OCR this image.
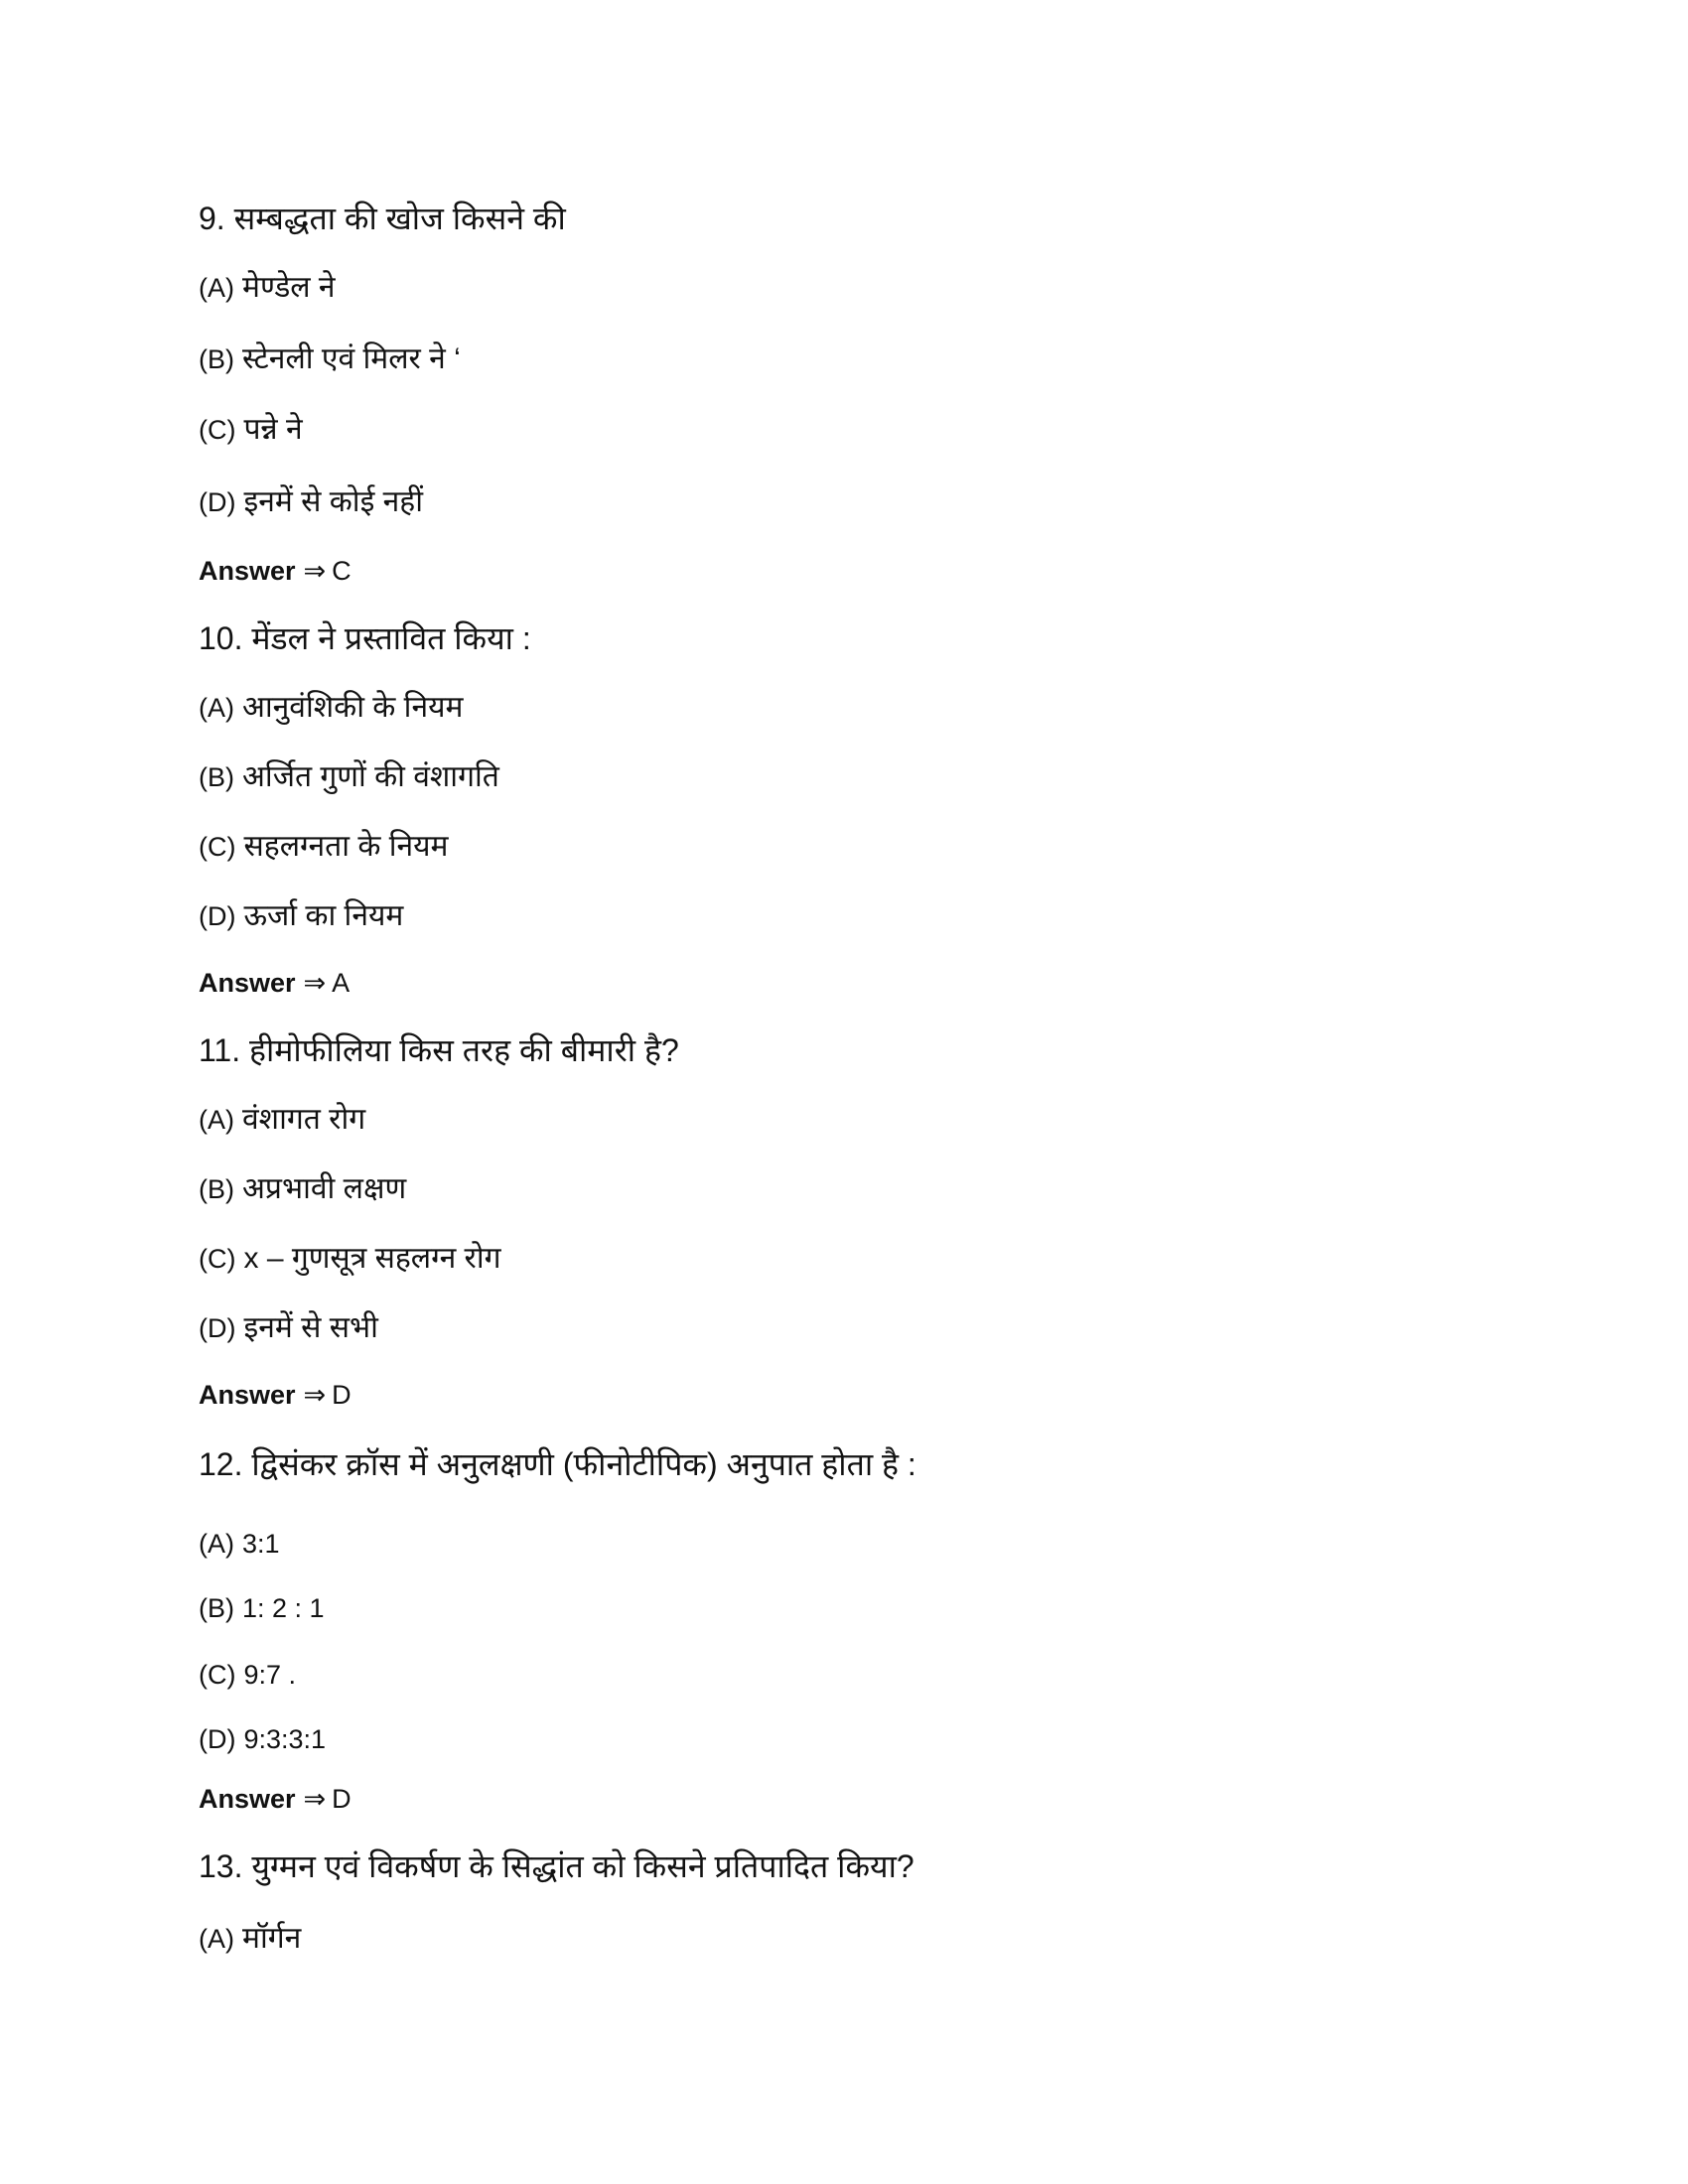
9. सम्बद्धता की खोज किसने की
(A) मेण्डेल ने
(B) स्टेनली एवं मिलर ने ‘
(C) पन्ने ने
(D) इनमें से कोई नहीं
Answer ⇒ C
10. मेंडल ने प्रस्तावित किया :
(A) आनुवंशिकी के नियम
(B) अर्जित गुणों की वंशागति
(C) सहलग्नता के नियम
(D) ऊर्जा का नियम
Answer ⇒ A
11. हीमोफीलिया किस तरह की बीमारी है?
(A) वंशागत रोग
(B) अप्रभावी लक्षण
(C) x – गुणसूत्र सहलग्न रोग
(D) इनमें से सभी
Answer ⇒ D
12. द्विसंकर क्रॉस में अनुलक्षणी (फीनोटीपिक) अनुपात होता है :
(A) 3:1
(B) 1: 2 : 1
(C) 9:7 .
(D) 9:3:3:1
Answer ⇒ D
13. युग्मन एवं विकर्षण के सिद्धांत को किसने प्रतिपादित किया?
(A) मॉर्गन
